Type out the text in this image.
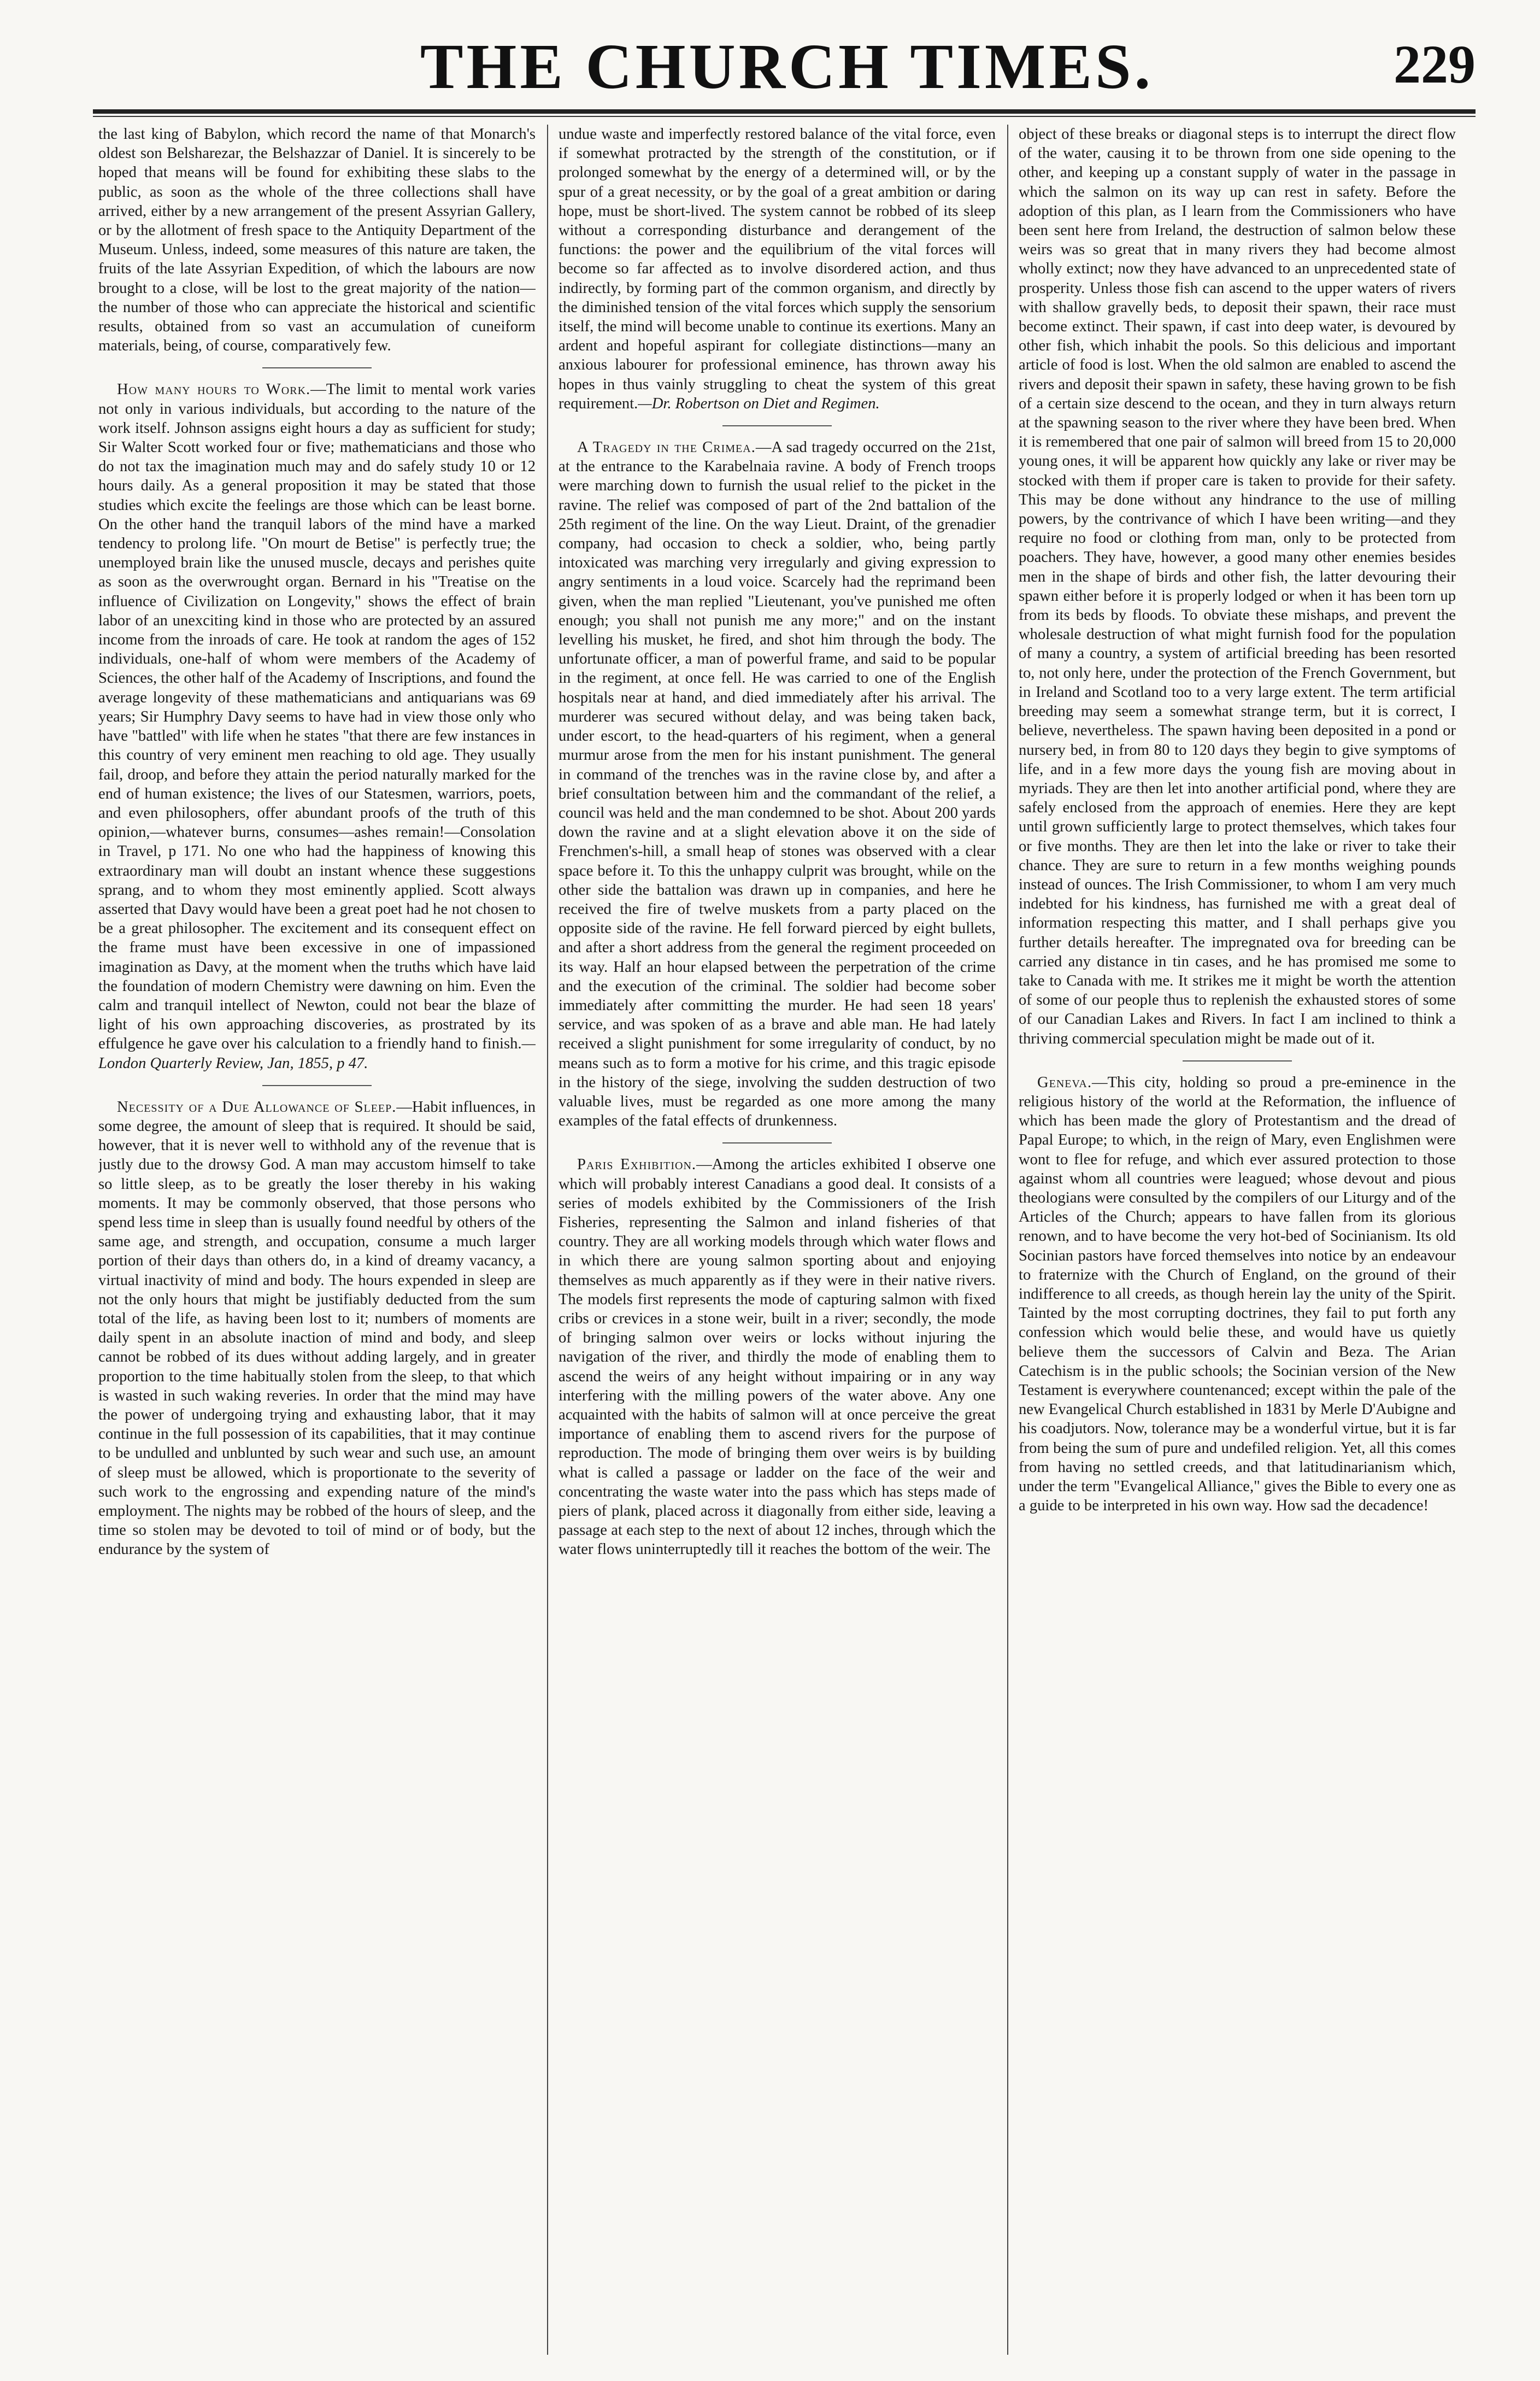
THE CHURCH TIMES.	229

the last king of Babylon, which record the name of that Monarch's oldest son Belsharezar, the Belshazzar of Daniel. It is sincerely to be hoped that means will be found for exhibiting these slabs to the public, as soon as the whole of the three collections shall have arrived, either by a new arrangement of the present Assyrian Gallery, or by the allotment of fresh space to the Antiquity Department of the Museum. Unless, indeed, some measures of this nature are taken, the fruits of the late Assyrian Expedition, of which the labours are now brought to a close, will be lost to the great majority of the nation—the number of those who can appreciate the historical and scientific results, obtained from so vast an accumulation of cuneiform materials, being, of course, comparatively few.

How many hours to Work.—The limit to mental work varies not only in various individuals, but according to the nature of the work itself. Johnson assigns eight hours a day as sufficient for study; Sir Walter Scott worked four or five; mathematicians and those who do not tax the imagination much may and do safely study 10 or 12 hours daily. As a general proposition it may be stated that those studies which excite the feelings are those which can be least borne. On the other hand the tranquil labors of the mind have a marked tendency to prolong life. "On mourt de Betise" is perfectly true; the unemployed brain like the unused muscle, decays and perishes quite as soon as the overwrought organ. Bernard in his "Treatise on the influence of Civilization on Longevity," shows the effect of brain labor of an unexciting kind in those who are protected by an assured income from the inroads of care. He took at random the ages of 152 individuals, one-half of whom were members of the Academy of Sciences, the other half of the Academy of Inscriptions, and found the average longevity of these mathematicians and antiquarians was 69 years; Sir Humphry Davy seems to have had in view those only who have "battled" with life when he states "that there are few instances in this country of very eminent men reaching to old age. They usually fail, droop, and before they attain the period naturally marked for the end of human existence; the lives of our Statesmen, warriors, poets, and even philosophers, offer abundant proofs of the truth of this opinion,—whatever burns, consumes—ashes remain!—Consolation in Travel, p 171. No one who had the happiness of knowing this extraordinary man will doubt an instant whence these suggestions sprang, and to whom they most eminently applied. Scott always asserted that Davy would have been a great poet had he not chosen to be a great philosopher. The excitement and its consequent effect on the frame must have been excessive in one of impassioned imagination as Davy, at the moment when the truths which have laid the foundation of modern Chemistry were dawning on him. Even the calm and tranquil intellect of Newton, could not bear the blaze of light of his own approaching discoveries, as prostrated by its effulgence he gave over his calculation to a friendly hand to finish.—London Quarterly Review, Jan, 1855, p 47.

Necessity of a Due Allowance of Sleep.—Habit influences, in some degree, the amount of sleep that is required. It should be said, however, that it is never well to withhold any of the revenue that is justly due to the drowsy God. A man may accustom himself to take so little sleep, as to be greatly the loser thereby in his waking moments. It may be commonly observed, that those persons who spend less time in sleep than is usually found needful by others of the same age, and strength, and occupation, consume a much larger portion of their days than others do, in a kind of dreamy vacancy, a virtual inactivity of mind and body. The hours expended in sleep are not the only hours that might be justifiably deducted from the sum total of the life, as having been lost to it; numbers of moments are daily spent in an absolute inaction of mind and body, and sleep cannot be robbed of its dues without adding largely, and in greater proportion to the time habitually stolen from the sleep, to that which is wasted in such waking reveries. In order that the mind may have the power of undergoing trying and exhausting labor, that it may continue in the full possession of its capabilities, that it may continue to be undulled and unblunted by such wear and such use, an amount of sleep must be allowed, which is proportionate to the severity of such work to the engrossing and expending nature of the mind's employment. The nights may be robbed of the hours of sleep, and the time so stolen may be devoted to toil of mind or of body, but the endurance by the system of

undue waste and imperfectly restored balance of the vital force, even if somewhat protracted by the strength of the constitution, or if prolonged somewhat by the energy of a determined will, or by the spur of a great necessity, or by the goal of a great ambition or daring hope, must be short-lived. The system cannot be robbed of its sleep without a corresponding disturbance and derangement of the functions: the power and the equilibrium of the vital forces will become so far affected as to involve disordered action, and thus indirectly, by forming part of the common organism, and directly by the diminished tension of the vital forces which supply the sensorium itself, the mind will become unable to continue its exertions. Many an ardent and hopeful aspirant for collegiate distinctions—many an anxious labourer for professional eminence, has thrown away his hopes in thus vainly struggling to cheat the system of this great requirement.—Dr. Robertson on Diet and Regimen.

A Tragedy in the Crimea.—A sad tragedy occurred on the 21st, at the entrance to the Karabelnaia ravine. A body of French troops were marching down to furnish the usual relief to the picket in the ravine. The relief was composed of part of the 2nd battalion of the 25th regiment of the line. On the way Lieut. Draint, of the grenadier company, had occasion to check a soldier, who, being partly intoxicated was marching very irregularly and giving expression to angry sentiments in a loud voice. Scarcely had the reprimand been given, when the man replied "Lieutenant, you've punished me often enough; you shall not punish me any more;" and on the instant levelling his musket, he fired, and shot him through the body. The unfortunate officer, a man of powerful frame, and said to be popular in the regiment, at once fell. He was carried to one of the English hospitals near at hand, and died immediately after his arrival. The murderer was secured without delay, and was being taken back, under escort, to the head-quarters of his regiment, when a general murmur arose from the men for his instant punishment. The general in command of the trenches was in the ravine close by, and after a brief consultation between him and the commandant of the relief, a council was held and the man condemned to be shot. About 200 yards down the ravine and at a slight elevation above it on the side of Frenchmen's-hill, a small heap of stones was observed with a clear space before it. To this the unhappy culprit was brought, while on the other side the battalion was drawn up in companies, and here he received the fire of twelve muskets from a party placed on the opposite side of the ravine. He fell forward pierced by eight bullets, and after a short address from the general the regiment proceeded on its way. Half an hour elapsed between the perpetration of the crime and the execution of the criminal. The soldier had become sober immediately after committing the murder. He had seen 18 years' service, and was spoken of as a brave and able man. He had lately received a slight punishment for some irregularity of conduct, by no means such as to form a motive for his crime, and this tragic episode in the history of the siege, involving the sudden destruction of two valuable lives, must be regarded as one more among the many examples of the fatal effects of drunkenness.

Paris Exhibition.—Among the articles exhibited I observe one which will probably interest Canadians a good deal. It consists of a series of models exhibited by the Commissioners of the Irish Fisheries, representing the Salmon and inland fisheries of that country. They are all working models through which water flows and in which there are young salmon sporting about and enjoying themselves as much apparently as if they were in their native rivers. The models first represents the mode of capturing salmon with fixed cribs or crevices in a stone weir, built in a river; secondly, the mode of bringing salmon over weirs or locks without injuring the navigation of the river, and thirdly the mode of enabling them to ascend the weirs of any height without impairing or in any way interfering with the milling powers of the water above. Any one acquainted with the habits of salmon will at once perceive the great importance of enabling them to ascend rivers for the purpose of reproduction. The mode of bringing them over weirs is by building what is called a passage or ladder on the face of the weir and concentrating the waste water into the pass which has steps made of piers of plank, placed across it diagonally from either side, leaving a passage at each step to the next of about 12 inches, through which the water flows uninterruptedly till it reaches the bottom of the weir. The

object of these breaks or diagonal steps is to interrupt the direct flow of the water, causing it to be thrown from one side opening to the other, and keeping up a constant supply of water in the passage in which the salmon on its way up can rest in safety. Before the adoption of this plan, as I learn from the Commissioners who have been sent here from Ireland, the destruction of salmon below these weirs was so great that in many rivers they had become almost wholly extinct; now they have advanced to an unprecedented state of prosperity. Unless those fish can ascend to the upper waters of rivers with shallow gravelly beds, to deposit their spawn, their race must become extinct. Their spawn, if cast into deep water, is devoured by other fish, which inhabit the pools. So this delicious and important article of food is lost. When the old salmon are enabled to ascend the rivers and deposit their spawn in safety, these having grown to be fish of a certain size descend to the ocean, and they in turn always return at the spawning season to the river where they have been bred. When it is remembered that one pair of salmon will breed from 15 to 20,000 young ones, it will be apparent how quickly any lake or river may be stocked with them if proper care is taken to provide for their safety. This may be done without any hindrance to the use of milling powers, by the contrivance of which I have been writing—and they require no food or clothing from man, only to be protected from poachers. They have, however, a good many other enemies besides men in the shape of birds and other fish, the latter devouring their spawn either before it is properly lodged or when it has been torn up from its beds by floods. To obviate these mishaps, and prevent the wholesale destruction of what might furnish food for the population of many a country, a system of artificial breeding has been resorted to, not only here, under the protection of the French Government, but in Ireland and Scotland too to a very large extent. The term artificial breeding may seem a somewhat strange term, but it is correct, I believe, nevertheless. The spawn having been deposited in a pond or nursery bed, in from 80 to 120 days they begin to give symptoms of life, and in a few more days the young fish are moving about in myriads. They are then let into another artificial pond, where they are safely enclosed from the approach of enemies. Here they are kept until grown sufficiently large to protect themselves, which takes four or five months. They are then let into the lake or river to take their chance. They are sure to return in a few months weighing pounds instead of ounces. The Irish Commissioner, to whom I am very much indebted for his kindness, has furnished me with a great deal of information respecting this matter, and I shall perhaps give you further details hereafter. The impregnated ova for breeding can be carried any distance in tin cases, and he has promised me some to take to Canada with me. It strikes me it might be worth the attention of some of our people thus to replenish the exhausted stores of some of our Canadian Lakes and Rivers. In fact I am inclined to think a thriving commercial speculation might be made out of it.

Geneva.—This city, holding so proud a pre-eminence in the religious history of the world at the Reformation, the influence of which has been made the glory of Protestantism and the dread of Papal Europe; to which, in the reign of Mary, even Englishmen were wont to flee for refuge, and which ever assured protection to those against whom all countries were leagued; whose devout and pious theologians were consulted by the compilers of our Liturgy and of the Articles of the Church; appears to have fallen from its glorious renown, and to have become the very hot-bed of Socinianism. Its old Socinian pastors have forced themselves into notice by an endeavour to fraternize with the Church of England, on the ground of their indifference to all creeds, as though herein lay the unity of the Spirit. Tainted by the most corrupting doctrines, they fail to put forth any confession which would belie these, and would have us quietly believe them the successors of Calvin and Beza. The Arian Catechism is in the public schools; the Socinian version of the New Testament is everywhere countenanced; except within the pale of the new Evangelical Church established in 1831 by Merle D'Aubigne and his coadjutors. Now, tolerance may be a wonderful virtue, but it is far from being the sum of pure and undefiled religion. Yet, all this comes from having no settled creeds, and that latitudinarianism which, under the term "Evangelical Alliance," gives the Bible to every one as a guide to be interpreted in his own way. How sad the decadence!
